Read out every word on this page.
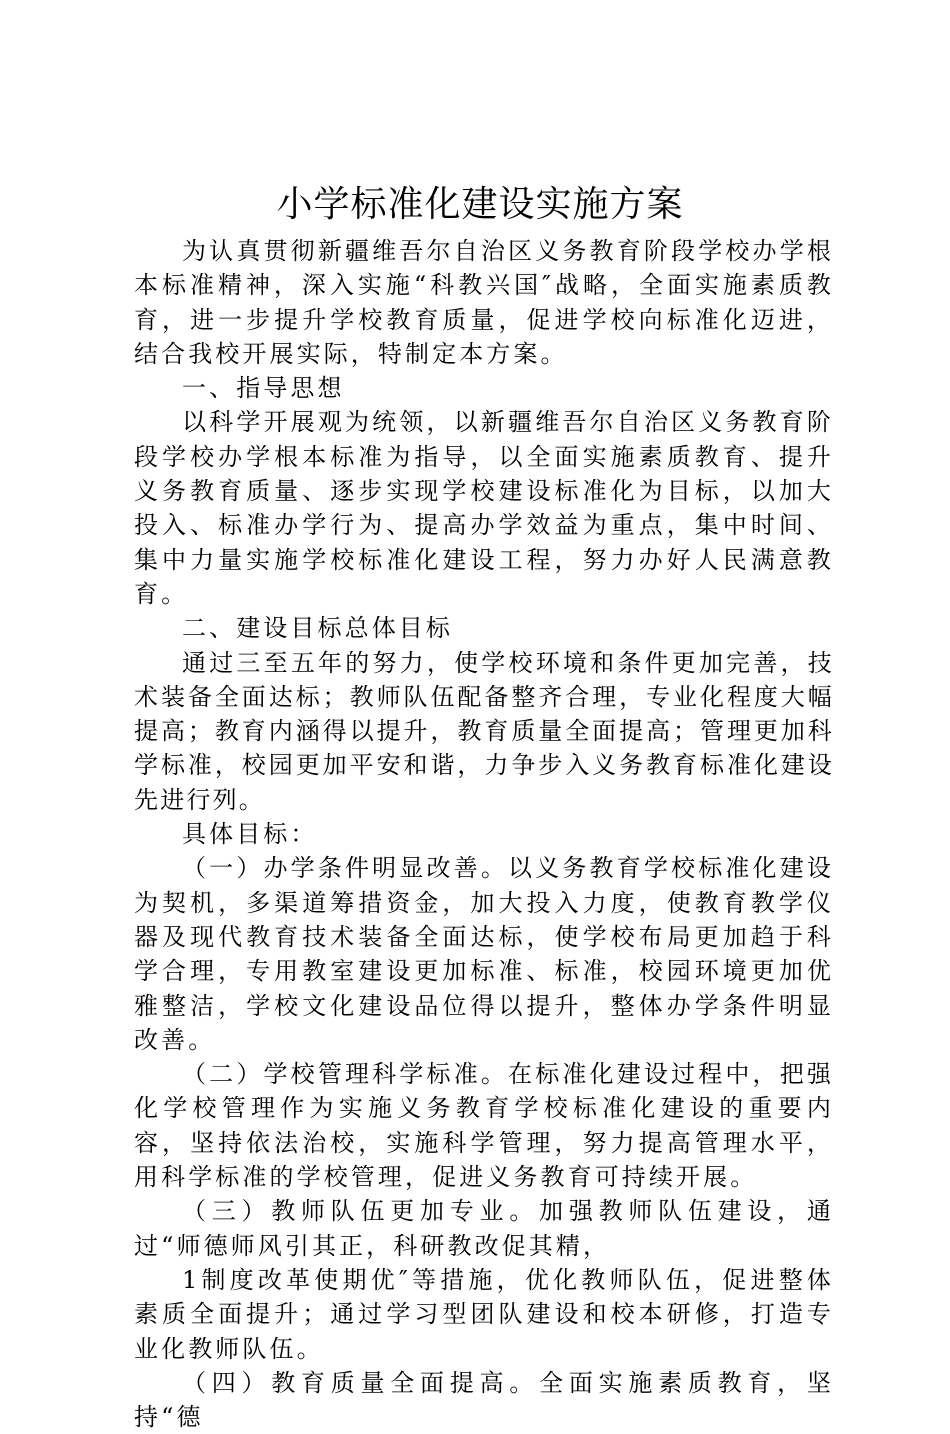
小学标准化建设实施方案

为认真贯彻新疆维吾尔自治区义务教育阶段学校办学根本标准精神，深入实施“科教兴国″战略，全面实施素质教育，进一步提升学校教育质量，促进学校向标准化迈进，结合我校开展实际，特制定本方案。

一、指导思想

以科学开展观为统领，以新疆维吾尔自治区义务教育阶段学校办学根本标准为指导，以全面实施素质教育、提升义务教育质量、逐步实现学校建设标准化为目标，以加大投入、标准办学行为、提高办学效益为重点，集中时间、集中力量实施学校标准化建设工程，努力办好人民满意教育。

二、建设目标总体目标

通过三至五年的努力，使学校环境和条件更加完善，技术装备全面达标；教师队伍配备整齐合理，专业化程度大幅提高；教育内涵得以提升，教育质量全面提高；管理更加科学标准，校园更加平安和谐，力争步入义务教育标准化建设先进行列。

具体目标：

（一）办学条件明显改善。以义务教育学校标准化建设为契机，多渠道筹措资金，加大投入力度，使教育教学仪器及现代教育技术装备全面达标，使学校布局更加趋于科学合理，专用教室建设更加标准、标准，校园环境更加优雅整洁，学校文化建设品位得以提升，整体办学条件明显改善。

（二）学校管理科学标准。在标准化建设过程中，把强化学校管理作为实施义务教育学校标准化建设的重要内容，坚持依法治校，实施科学管理，努力提高管理水平，用科学标准的学校管理，促进义务教育可持续开展。

（三）教师队伍更加专业。加强教师队伍建设，通过“师德师风引其正，科研教改促其精，

1制度改革使期优″等措施，优化教师队伍，促进整体素质全面提升；通过学习型团队建设和校本研修，打造专业化教师队伍。

（四）教育质量全面提高。全面实施素质教育，坚持“德
